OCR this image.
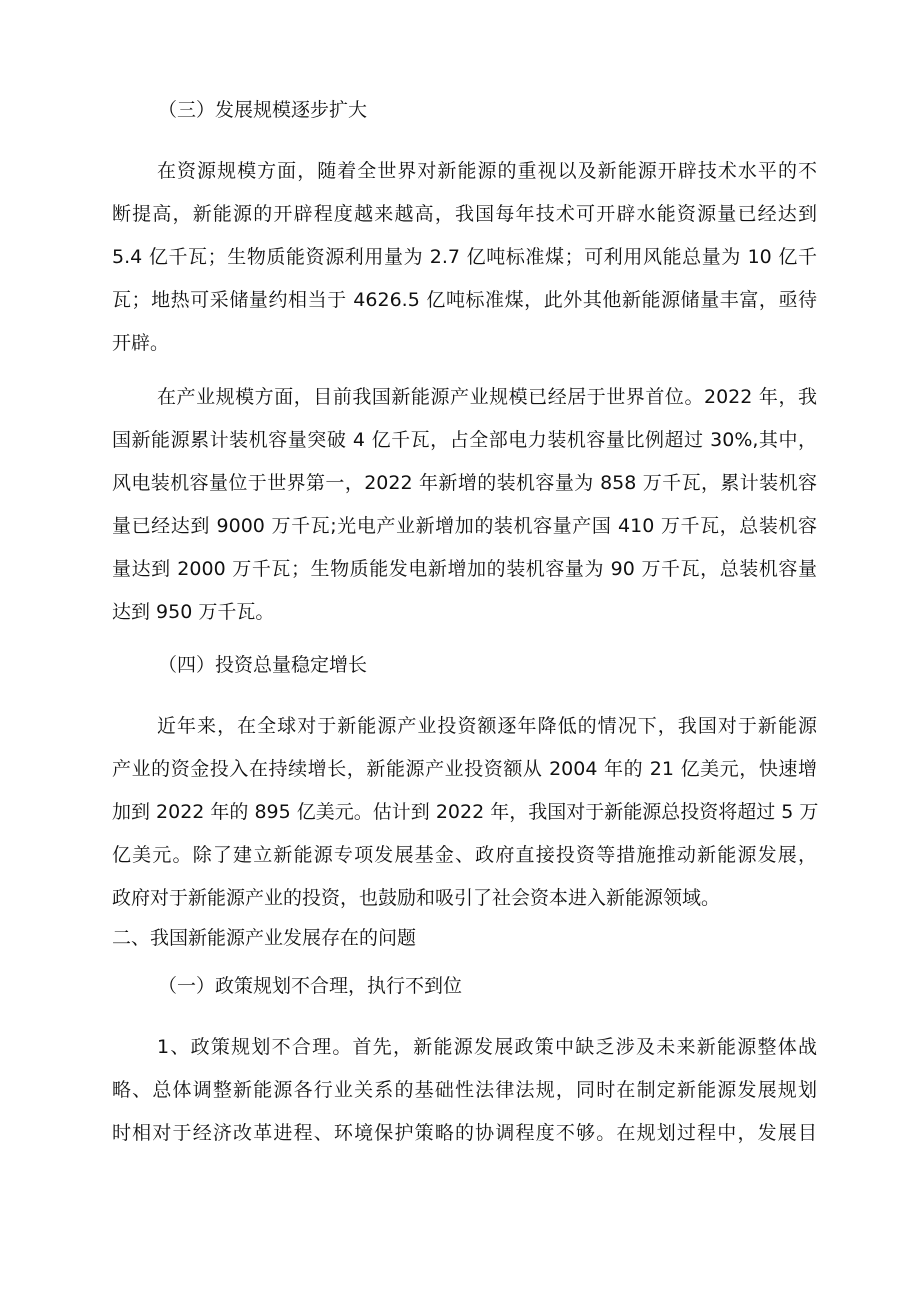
（三）发展规模逐步扩大
在资源规模方面，随着全世界对新能源的重视以及新能源开辟技术水平的不
断提高，新能源的开辟程度越来越高，我国每年技术可开辟水能资源量已经达到
5.4 亿千瓦；生物质能资源利用量为 2.7 亿吨标准煤；可利用风能总量为 10 亿千
瓦；地热可采储量约相当于 4626.5 亿吨标准煤，此外其他新能源储量丰富，亟待
开辟。
在产业规模方面，目前我国新能源产业规模已经居于世界首位。2022 年，我
国新能源累计装机容量突破 4 亿千瓦，占全部电力装机容量比例超过 30%,其中，
风电装机容量位于世界第一，2022 年新增的装机容量为 858 万千瓦，累计装机容
量已经达到 9000 万千瓦;光电产业新增加的装机容量产国 410 万千瓦，总装机容
量达到 2000 万千瓦；生物质能发电新增加的装机容量为 90 万千瓦，总装机容量
达到 950 万千瓦。
（四）投资总量稳定增长
近年来，在全球对于新能源产业投资额逐年降低的情况下，我国对于新能源
产业的资金投入在持续增长，新能源产业投资额从 2004 年的 21 亿美元，快速增
加到 2022 年的 895 亿美元。估计到 2022 年，我国对于新能源总投资将超过 5 万
亿美元。除了建立新能源专项发展基金、政府直接投资等措施推动新能源发展，
政府对于新能源产业的投资，也鼓励和吸引了社会资本进入新能源领域。
二、我国新能源产业发展存在的问题
（一）政策规划不合理，执行不到位
1、政策规划不合理。首先，新能源发展政策中缺乏涉及未来新能源整体战
略、总体调整新能源各行业关系的基础性法律法规，同时在制定新能源发展规划
时相对于经济改革进程、环境保护策略的协调程度不够。在规划过程中，发展目
